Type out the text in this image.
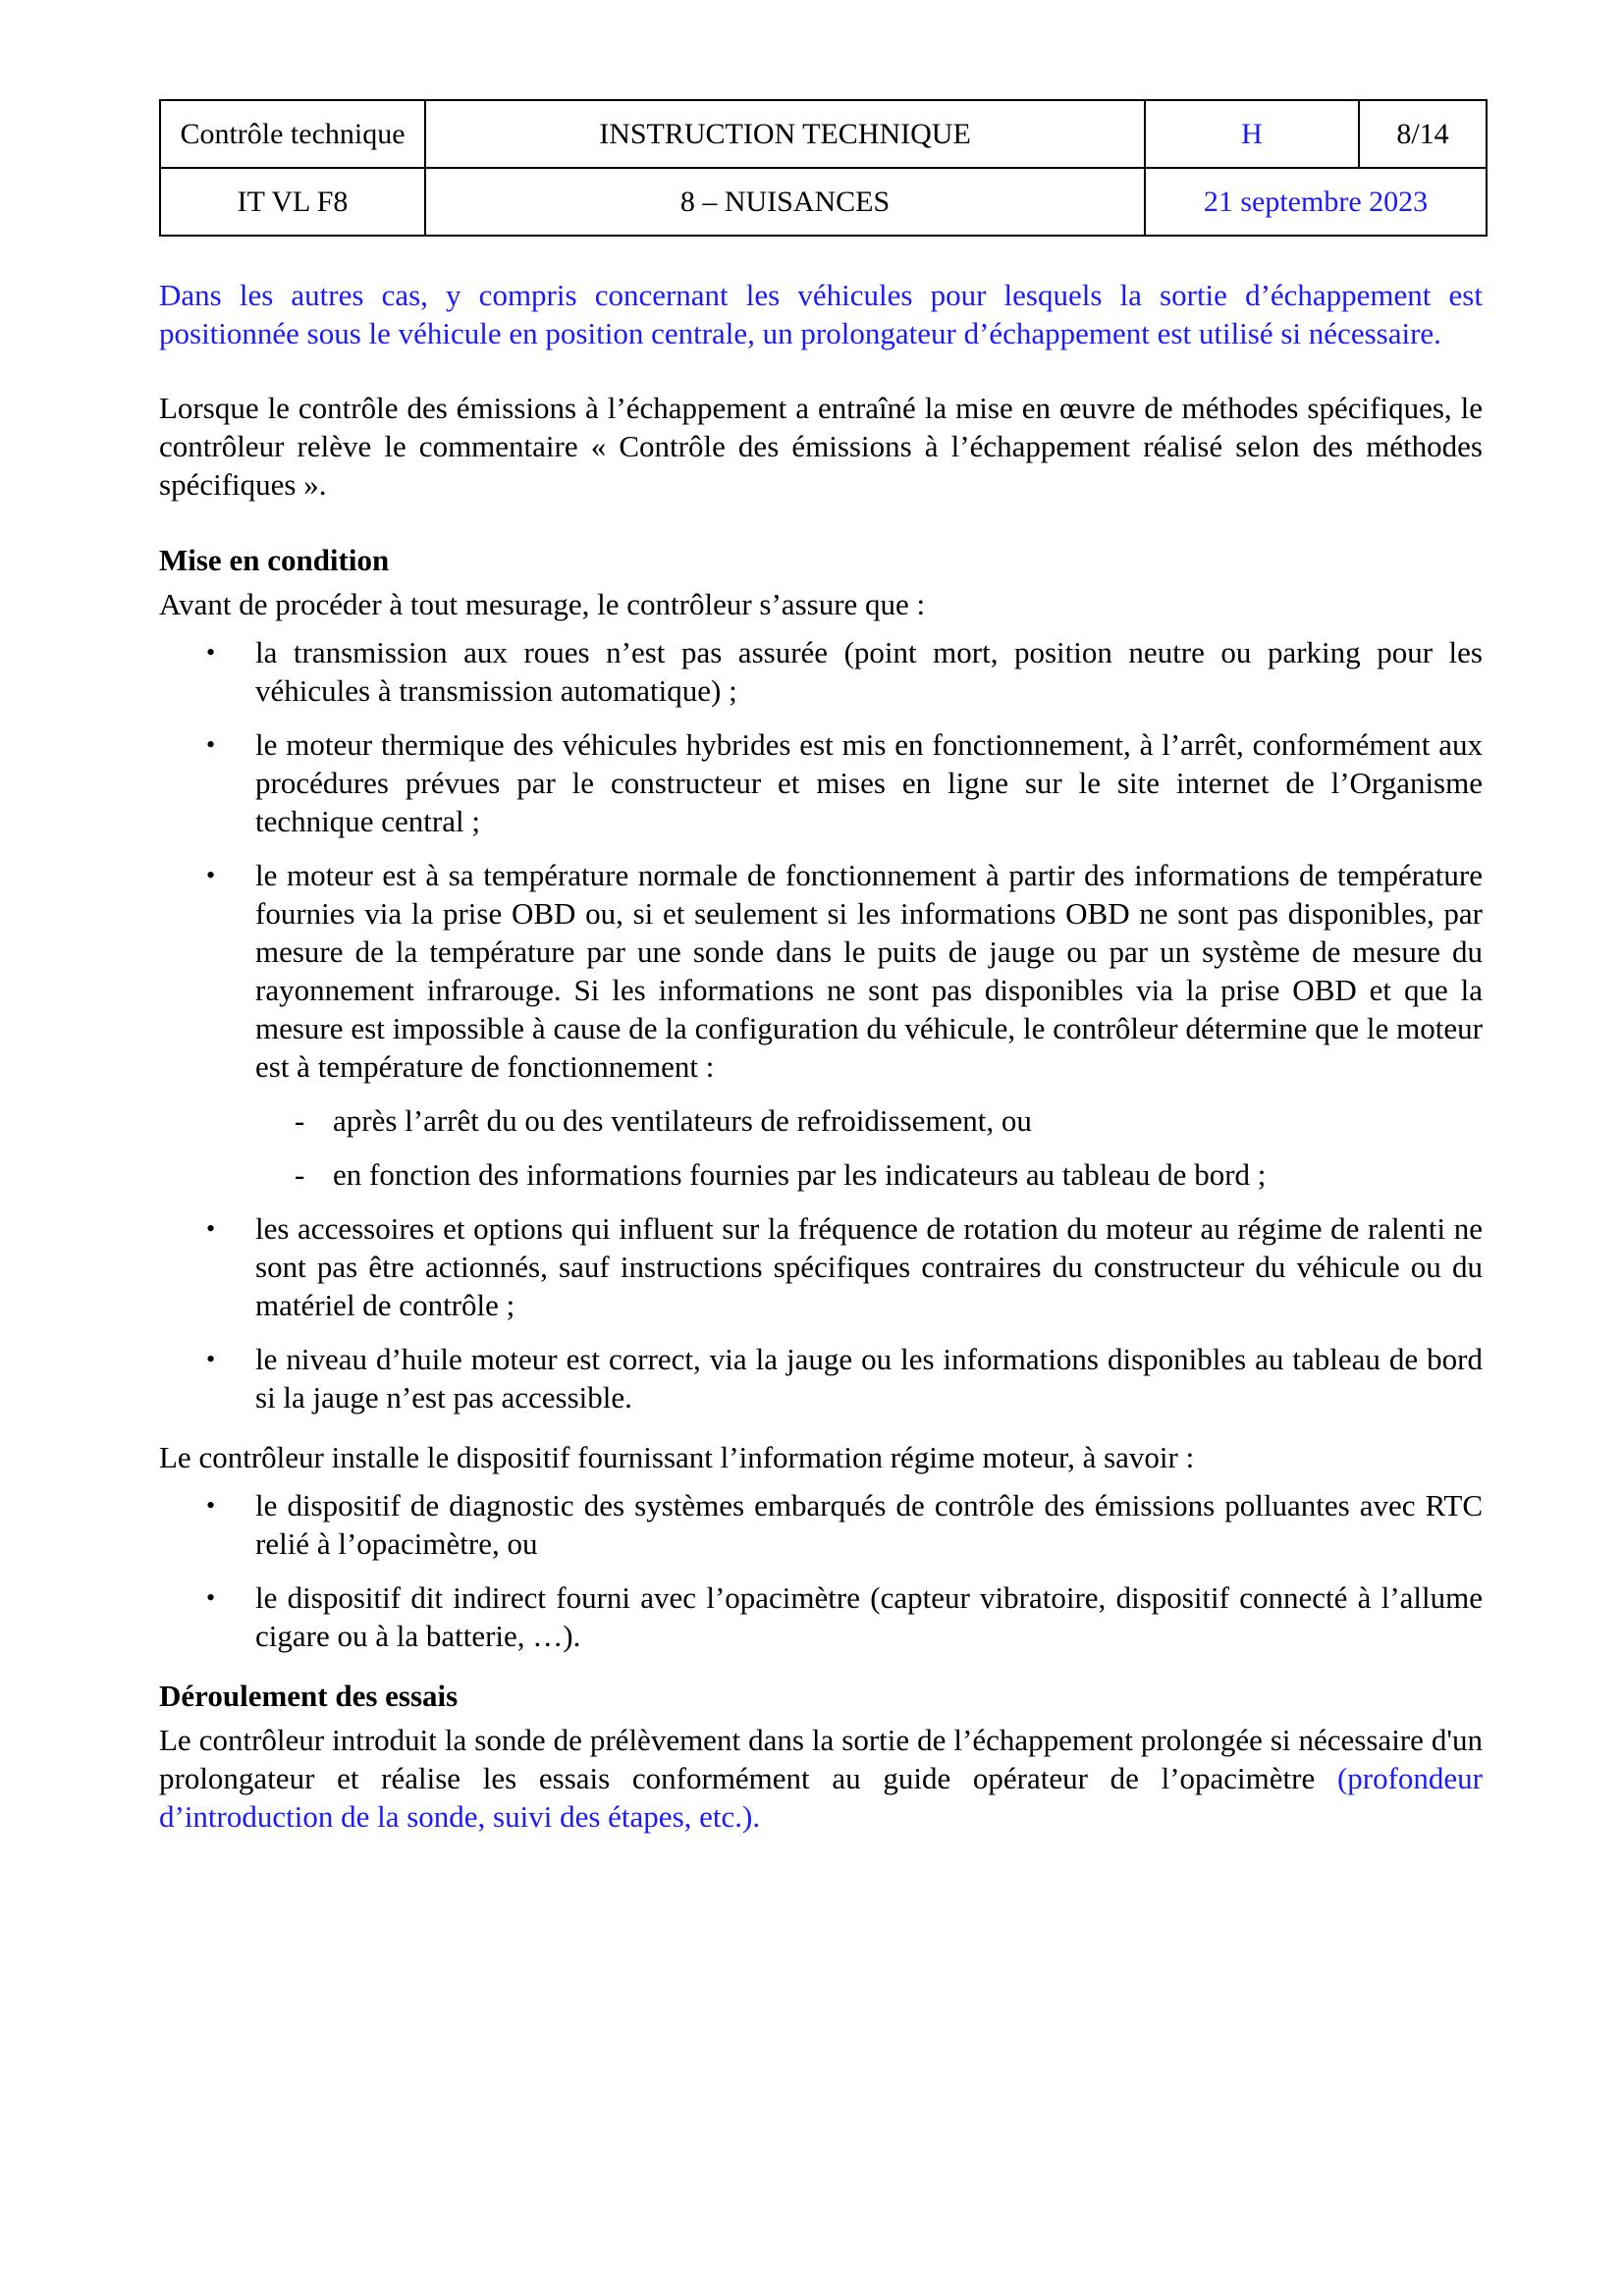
Contrôle technique	INSTRUCTION TECHNIQUE	H	8/14
IT VL F8	8 – NUISANCES	21 septembre 2023	

Dans les autres cas, y compris concernant les véhicules pour lesquels la sortie d’échappement est positionnée sous le véhicule en position centrale, un prolongateur d’échappement est utilisé si nécessaire.

Lorsque le contrôle des émissions à l’échappement a entraîné la mise en œuvre de méthodes spécifiques, le contrôleur relève le commentaire « Contrôle des émissions à l’échappement réalisé selon des méthodes spécifiques ».

Mise en condition

Avant de procéder à tout mesurage, le contrôleur s’assure que :

• la transmission aux roues n’est pas assurée (point mort, position neutre ou parking pour les véhicules à transmission automatique) ;
• le moteur thermique des véhicules hybrides est mis en fonctionnement, à l’arrêt, conformément aux procédures prévues par le constructeur et mises en ligne sur le site internet de l’Organisme technique central ;
• le moteur est à sa température normale de fonctionnement à partir des informations de température fournies via la prise OBD ou, si et seulement si les informations OBD ne sont pas disponibles, par mesure de la température par une sonde dans le puits de jauge ou par un système de mesure du rayonnement infrarouge. Si les informations ne sont pas disponibles via la prise OBD et que la mesure est impossible à cause de la configuration du véhicule, le contrôleur détermine que le moteur est à température de fonctionnement :
- après l’arrêt du ou des ventilateurs de refroidissement, ou
- en fonction des informations fournies par les indicateurs au tableau de bord ;
• les accessoires et options qui influent sur la fréquence de rotation du moteur au régime de ralenti ne sont pas être actionnés, sauf instructions spécifiques contraires du constructeur du véhicule ou du matériel de contrôle ;
• le niveau d’huile moteur est correct, via la jauge ou les informations disponibles au tableau de bord si la jauge n’est pas accessible.

Le contrôleur installe le dispositif fournissant l’information régime moteur, à savoir :

• le dispositif de diagnostic des systèmes embarqués de contrôle des émissions polluantes avec RTC relié à l’opacimètre, ou
• le dispositif dit indirect fourni avec l’opacimètre (capteur vibratoire, dispositif connecté à l’allume cigare ou à la batterie, …).

Déroulement des essais

Le contrôleur introduit la sonde de prélèvement dans la sortie de l’échappement prolongée si nécessaire d'un prolongateur et réalise les essais conformément au guide opérateur de l’opacimètre (profondeur d’introduction de la sonde, suivi des étapes, etc.).
